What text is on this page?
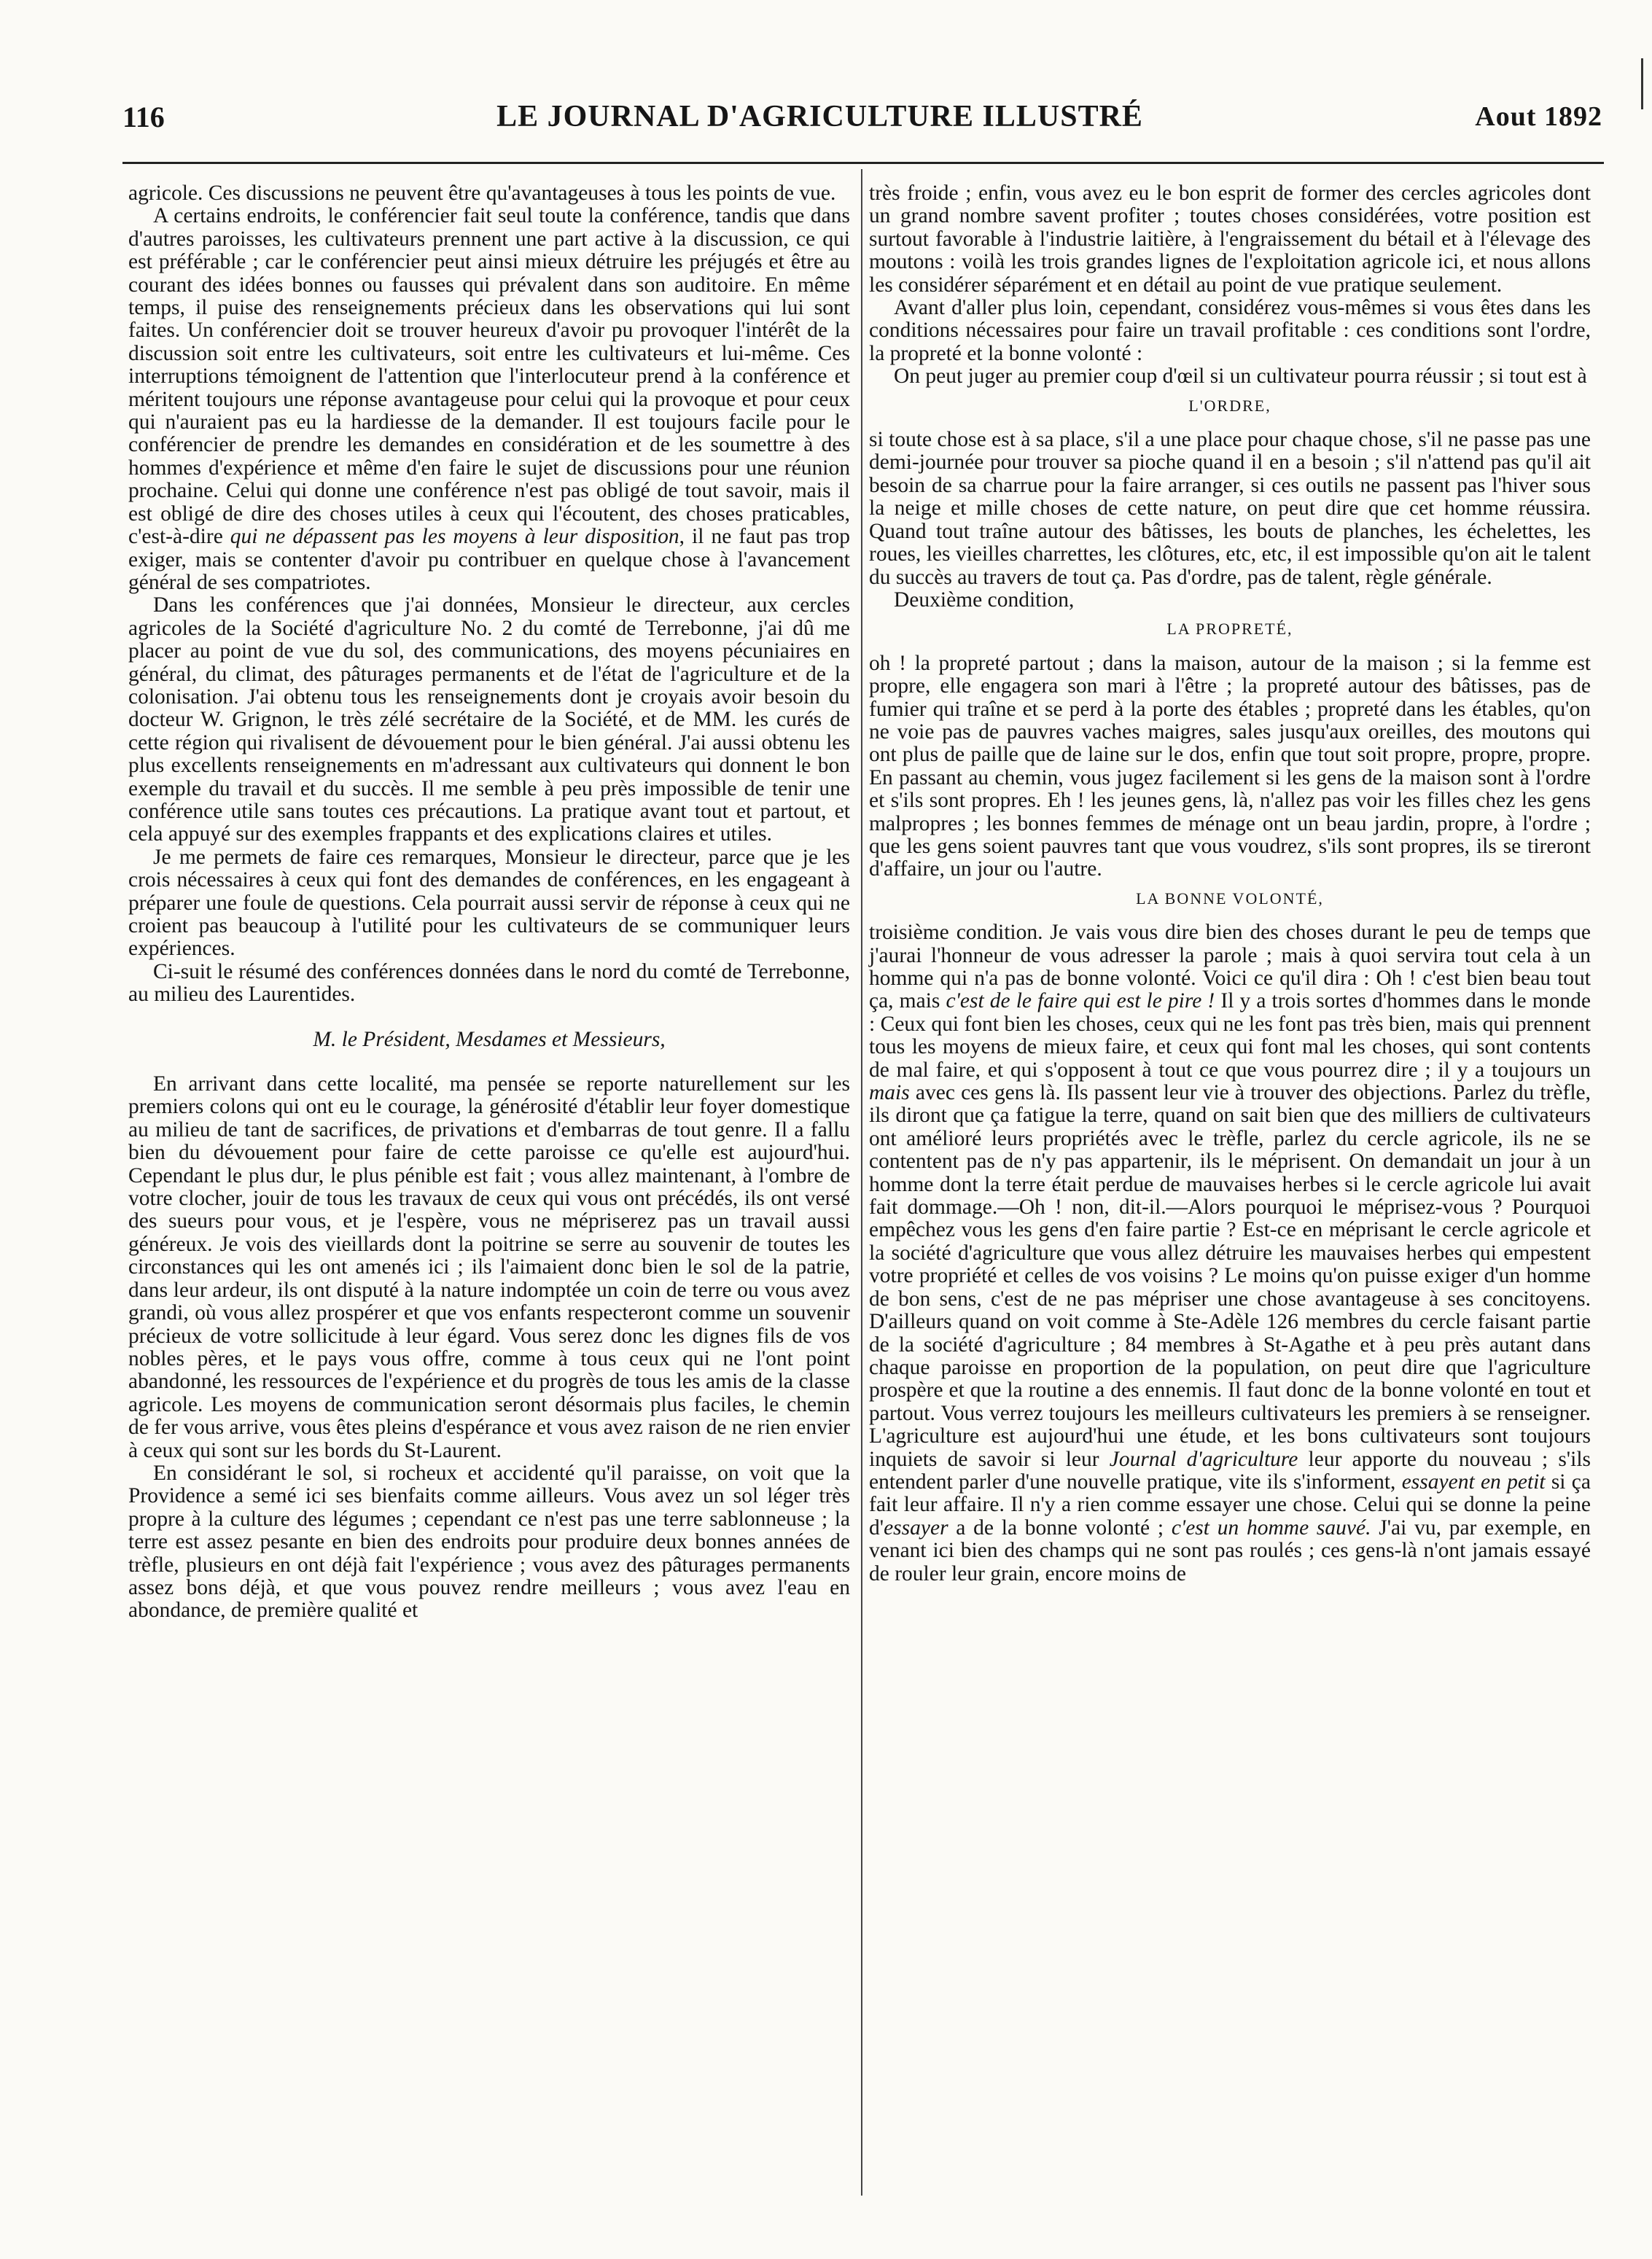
116	LE JOURNAL D'AGRICULTURE ILLUSTRÉ	Aout 1892

agricole. Ces discussions ne peuvent être qu'avantageuses à tous les points de vue.

A certains endroits, le conférencier fait seul toute la conférence, tandis que dans d'autres paroisses, les cultivateurs prennent une part active à la discussion, ce qui est préférable ; car le conférencier peut ainsi mieux détruire les préjugés et être au courant des idées bonnes ou fausses qui prévalent dans son auditoire. En même temps, il puise des renseignements précieux dans les observations qui lui sont faites. Un conférencier doit se trouver heureux d'avoir pu provoquer l'intérêt de la discussion soit entre les cultivateurs, soit entre les cultivateurs et lui-même. Ces interruptions témoignent de l'attention que l'interlocuteur prend à la conférence et méritent toujours une réponse avantageuse pour celui qui la provoque et pour ceux qui n'auraient pas eu la hardiesse de la demander. Il est toujours facile pour le conférencier de prendre les demandes en considération et de les soumettre à des hommes d'expérience et même d'en faire le sujet de discussions pour une réunion prochaine. Celui qui donne une conférence n'est pas obligé de tout savoir, mais il est obligé de dire des choses utiles à ceux qui l'écoutent, des choses praticables, c'est-à-dire qui ne dépassent pas les moyens à leur disposition, il ne faut pas trop exiger, mais se contenter d'avoir pu contribuer en quelque chose à l'avancement général de ses compatriotes.

Dans les conférences que j'ai données, Monsieur le directeur, aux cercles agricoles de la Société d'agriculture No. 2 du comté de Terrebonne, j'ai dû me placer au point de vue du sol, des communications, des moyens pécuniaires en général, du climat, des pâturages permanents et de l'état de l'agriculture et de la colonisation. J'ai obtenu tous les renseignements dont je croyais avoir besoin du docteur W. Grignon, le très zélé secrétaire de la Société, et de MM. les curés de cette région qui rivalisent de dévouement pour le bien général. J'ai aussi obtenu les plus excellents renseignements en m'adressant aux cultivateurs qui donnent le bon exemple du travail et du succès. Il me semble à peu près impossible de tenir une conférence utile sans toutes ces précautions. La pratique avant tout et partout, et cela appuyé sur des exemples frappants et des explications claires et utiles.

Je me permets de faire ces remarques, Monsieur le directeur, parce que je les crois nécessaires à ceux qui font des demandes de conférences, en les engageant à préparer une foule de questions. Cela pourrait aussi servir de réponse à ceux qui ne croient pas beaucoup à l'utilité pour les cultivateurs de se communiquer leurs expériences.

Ci-suit le résumé des conférences données dans le nord du comté de Terrebonne, au milieu des Laurentides.

M. le Président, Mesdames et Messieurs,

En arrivant dans cette localité, ma pensée se reporte naturellement sur les premiers colons qui ont eu le courage, la générosité d'établir leur foyer domestique au milieu de tant de sacrifices, de privations et d'embarras de tout genre. Il a fallu bien du dévouement pour faire de cette paroisse ce qu'elle est aujourd'hui. Cependant le plus dur, le plus pénible est fait ; vous allez maintenant, à l'ombre de votre clocher, jouir de tous les travaux de ceux qui vous ont précédés, ils ont versé des sueurs pour vous, et je l'espère, vous ne mépriserez pas un travail aussi généreux. Je vois des vieillards dont la poitrine se serre au souvenir de toutes les circonstances qui les ont amenés ici ; ils l'aimaient donc bien le sol de la patrie, dans leur ardeur, ils ont disputé à la nature indomptée un coin de terre ou vous avez grandi, où vous allez prospérer et que vos enfants respecteront comme un souvenir précieux de votre sollicitude à leur égard. Vous serez donc les dignes fils de vos nobles pères, et le pays vous offre, comme à tous ceux qui ne l'ont point abandonné, les ressources de l'expérience et du progrès de tous les amis de la classe agricole. Les moyens de communication seront désormais plus faciles, le chemin de fer vous arrive, vous êtes pleins d'espérance et vous avez raison de ne rien envier à ceux qui sont sur les bords du St-Laurent.

En considérant le sol, si rocheux et accidenté qu'il paraisse, on voit que la Providence a semé ici ses bienfaits comme ailleurs. Vous avez un sol léger très propre à la culture des légumes ; cependant ce n'est pas une terre sablonneuse ; la terre est assez pesante en bien des endroits pour produire deux bonnes années de trèfle, plusieurs en ont déjà fait l'expérience ; vous avez des pâturages permanents assez bons déjà, et que vous pouvez rendre meilleurs ; vous avez l'eau en abondance, de première qualité et

très froide ; enfin, vous avez eu le bon esprit de former des cercles agricoles dont un grand nombre savent profiter ; toutes choses considérées, votre position est surtout favorable à l'industrie laitière, à l'engraissement du bétail et à l'élevage des moutons : voilà les trois grandes lignes de l'exploitation agricole ici, et nous allons les considérer séparément et en détail au point de vue pratique seulement.

Avant d'aller plus loin, cependant, considérez vous-mêmes si vous êtes dans les conditions nécessaires pour faire un travail profitable : ces conditions sont l'ordre, la propreté et la bonne volonté :

On peut juger au premier coup d'œil si un cultivateur pourra réussir ; si tout est à

L'ORDRE,

si toute chose est à sa place, s'il a une place pour chaque chose, s'il ne passe pas une demi-journée pour trouver sa pioche quand il en a besoin ; s'il n'attend pas qu'il ait besoin de sa charrue pour la faire arranger, si ces outils ne passent pas l'hiver sous la neige et mille choses de cette nature, on peut dire que cet homme réussira. Quand tout traîne autour des bâtisses, les bouts de planches, les échelettes, les roues, les vieilles charrettes, les clôtures, etc, etc, il est impossible qu'on ait le talent du succès au travers de tout ça. Pas d'ordre, pas de talent, règle générale.

Deuxième condition,

LA PROPRETÉ,

oh ! la propreté partout ; dans la maison, autour de la maison ; si la femme est propre, elle engagera son mari à l'être ; la propreté autour des bâtisses, pas de fumier qui traîne et se perd à la porte des étables ; propreté dans les étables, qu'on ne voie pas de pauvres vaches maigres, sales jusqu'aux oreilles, des moutons qui ont plus de paille que de laine sur le dos, enfin que tout soit propre, propre, propre. En passant au chemin, vous jugez facilement si les gens de la maison sont à l'ordre et s'ils sont propres. Eh ! les jeunes gens, là, n'allez pas voir les filles chez les gens malpropres ; les bonnes femmes de ménage ont un beau jardin, propre, à l'ordre ; que les gens soient pauvres tant que vous voudrez, s'ils sont propres, ils se tireront d'affaire, un jour ou l'autre.

LA BONNE VOLONTÉ,

troisième condition. Je vais vous dire bien des choses durant le peu de temps que j'aurai l'honneur de vous adresser la parole ; mais à quoi servira tout cela à un homme qui n'a pas de bonne volonté. Voici ce qu'il dira : Oh ! c'est bien beau tout ça, mais c'est de le faire qui est le pire ! Il y a trois sortes d'hommes dans le monde : Ceux qui font bien les choses, ceux qui ne les font pas très bien, mais qui prennent tous les moyens de mieux faire, et ceux qui font mal les choses, qui sont contents de mal faire, et qui s'opposent à tout ce que vous pourrez dire ; il y a toujours un mais avec ces gens là. Ils passent leur vie à trouver des objections. Parlez du trèfle, ils diront que ça fatigue la terre, quand on sait bien que des milliers de cultivateurs ont amélioré leurs propriétés avec le trèfle, parlez du cercle agricole, ils ne se contentent pas de n'y pas appartenir, ils le méprisent. On demandait un jour à un homme dont la terre était perdue de mauvaises herbes si le cercle agricole lui avait fait dommage.—Oh ! non, dit-il.—Alors pourquoi le méprisez-vous ? Pourquoi empêchez vous les gens d'en faire partie ? Est-ce en méprisant le cercle agricole et la société d'agriculture que vous allez détruire les mauvaises herbes qui empestent votre propriété et celles de vos voisins ? Le moins qu'on puisse exiger d'un homme de bon sens, c'est de ne pas mépriser une chose avantageuse à ses concitoyens. D'ailleurs quand on voit comme à Ste-Adèle 126 membres du cercle faisant partie de la société d'agriculture ; 84 membres à St-Agathe et à peu près autant dans chaque paroisse en proportion de la population, on peut dire que l'agriculture prospère et que la routine a des ennemis. Il faut donc de la bonne volonté en tout et partout. Vous verrez toujours les meilleurs cultivateurs les premiers à se renseigner. L'agriculture est aujourd'hui une étude, et les bons cultivateurs sont toujours inquiets de savoir si leur Journal d'agriculture leur apporte du nouveau ; s'ils entendent parler d'une nouvelle pratique, vite ils s'informent, essayent en petit si ça fait leur affaire. Il n'y a rien comme essayer une chose. Celui qui se donne la peine d'essayer a de la bonne volonté ; c'est un homme sauvé. J'ai vu, par exemple, en venant ici bien des champs qui ne sont pas roulés ; ces gens-là n'ont jamais essayé de rouler leur grain, encore moins de
